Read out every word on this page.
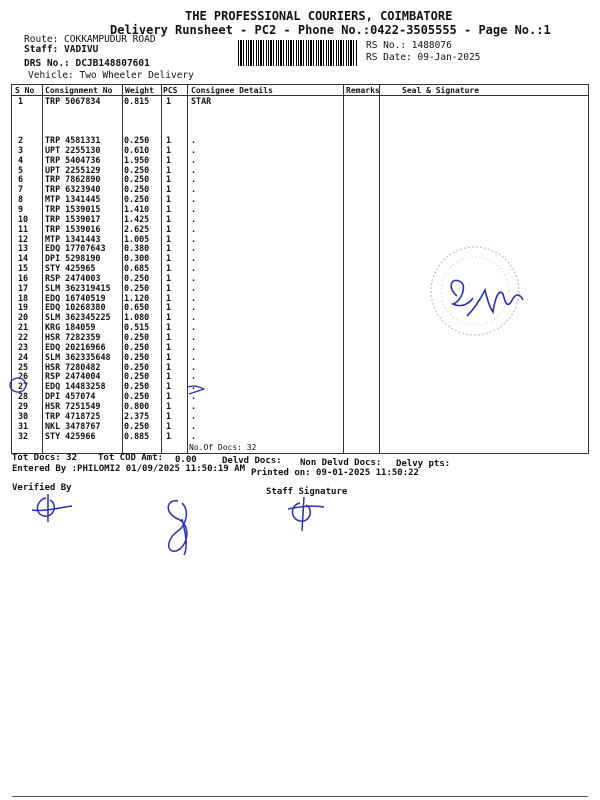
THE PROFESSIONAL COURIERS, COIMBATORE
Delivery Runsheet - PC2 - Phone No.:0422-3505555 - Page No.:1
Route: COKKAMPUDUR ROAD
Staff: VADIVU
DRS No.: DCJB148807601
Vehicle: Two Wheeler Delivery
RS No.: 1488076
RS Date: 09-Jan-2025
S No Consignment No Weight PCS Consignee Details	Remarks	Seal & Signature
1	TRP 5067834	0.815 1 STAR
2	TRP 4581331	0.250 1 .
3	UPT 2255130	0.610 1 .
4	TRP 5404736	1.950 1 .
5	UPT 2255129	0.250 1 .
6	TRP 7862890	0.250 1 .
7	TRP 6323940	0.250 1 .
8	MTP 1341445	0.250 1 .
9	TRP 1539015	1.410 1 .
10 TRP 1539017	1.425 1 .
11 TRP 1539016	2.625 1 .
12 MTP 1341443	1.005 1 .
13 EDQ 17707643 0.380 1 .
14 DPI 5298190	0.300 1 .
15 STY 425965	0.685 1 .
16 RSP 2474003	0.250 1 .
17 SLM 362319415 0.250 1 .
18 EDQ 16740519 1.120 1 .
19 EDQ 10268380 0.650 1 .
20 SLM 362345225 1.080 1 .
21 KRG 184059	0.515 1 .
22 HSR 7282359	0.250 1 .
23 EDQ 20216966 0.250 1 .
24 SLM 362335648 0.250 1 .
25 HSR 7280482	0.250 1 .
26 RSP 2474004	0.250 1 .
27 EDQ 14483258 0.250 1 .
28 DPI 457074	0.250 1 .
29 HSR 7251549	0.800 1 .
30 TRP 4718725	2.375 1 .
31 NKL 3478767	0.250 1 .
32 STY 425966	0.885 1 .
No.Of Docs: 32
Tot Docs: 32 Tot COD Amt: 0.00	Delvd Docs: Non Delvd Docs: Delvy pts:
Entered By :PHILOMI2 01/09/2025 11:50:19 AM Printed on: 09-01-2025 11:50:22
Verified By	Staff Signature
